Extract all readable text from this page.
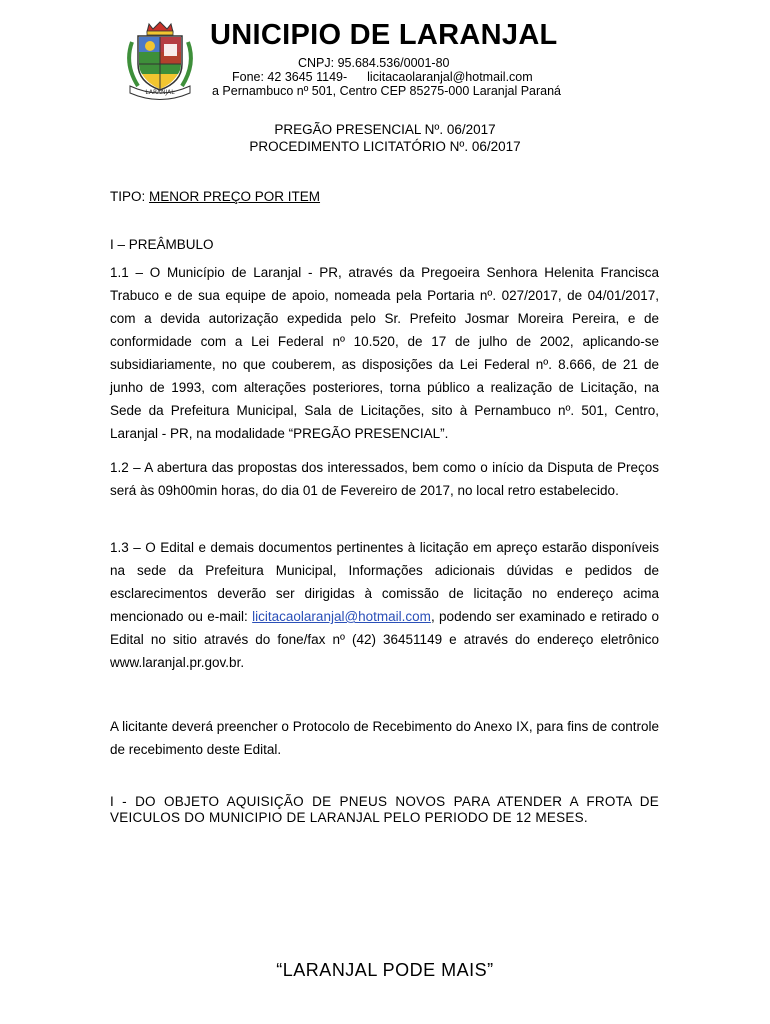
LARANJAL
UNICIPIO DE LARANJAL
CNPJ: 95.684.536/0001-80
Fone: 42 3645 1149- licitacaolaranjal@hotmail.com
a Pernambuco nº 501, Centro CEP 85275-000 Laranjal Paraná
PREGÃO PRESENCIAL Nº. 06/2017
PROCEDIMENTO LICITATÓRIO Nº. 06/2017
TIPO: MENOR PREÇO POR ITEM
I – PREÂMBULO

1.1 – O Município de Laranjal - PR, através da Pregoeira Senhora Helenita Francisca Trabuco e de sua equipe de apoio, nomeada pela Portaria nº. 027/2017, de 04/01/2017, com a devida autorização expedida pelo Sr. Prefeito Josmar Moreira Pereira, e de conformidade com a Lei Federal nº 10.520, de 17 de julho de 2002, aplicando-se subsidiariamente, no que couberem, as disposições da Lei Federal nº. 8.666, de 21 de junho de 1993, com alterações posteriores, torna público a realização de Licitação, na Sede da Prefeitura Municipal, Sala de Licitações, sito à Pernambuco nº. 501, Centro, Laranjal - PR, na modalidade “PREGÃO PRESENCIAL”.

1.2 – A abertura das propostas dos interessados, bem como o início da Disputa de Preços será às 09h00min horas, do dia 01 de Fevereiro de 2017, no local retro estabelecido.

1.3 – O Edital e demais documentos pertinentes à licitação em apreço estarão disponíveis na sede da Prefeitura Municipal, Informações adicionais dúvidas e pedidos de esclarecimentos deverão ser dirigidas à comissão de licitação no endereço acima mencionado ou e-mail: licitacaolaranjal@hotmail.com, podendo ser examinado e retirado o Edital no sitio através do fone/fax nº (42) 36451149 e através do endereço eletrônico www.laranjal.pr.gov.br.

A licitante deverá preencher o Protocolo de Recebimento do Anexo IX, para fins de controle de recebimento deste Edital.

I - DO OBJETO AQUISIÇÃO DE PNEUS NOVOS PARA ATENDER A FROTA DE VEICULOS DO MUNICIPIO DE LARANJAL PELO PERIODO DE 12 MESES.

“LARANJAL PODE MAIS”
